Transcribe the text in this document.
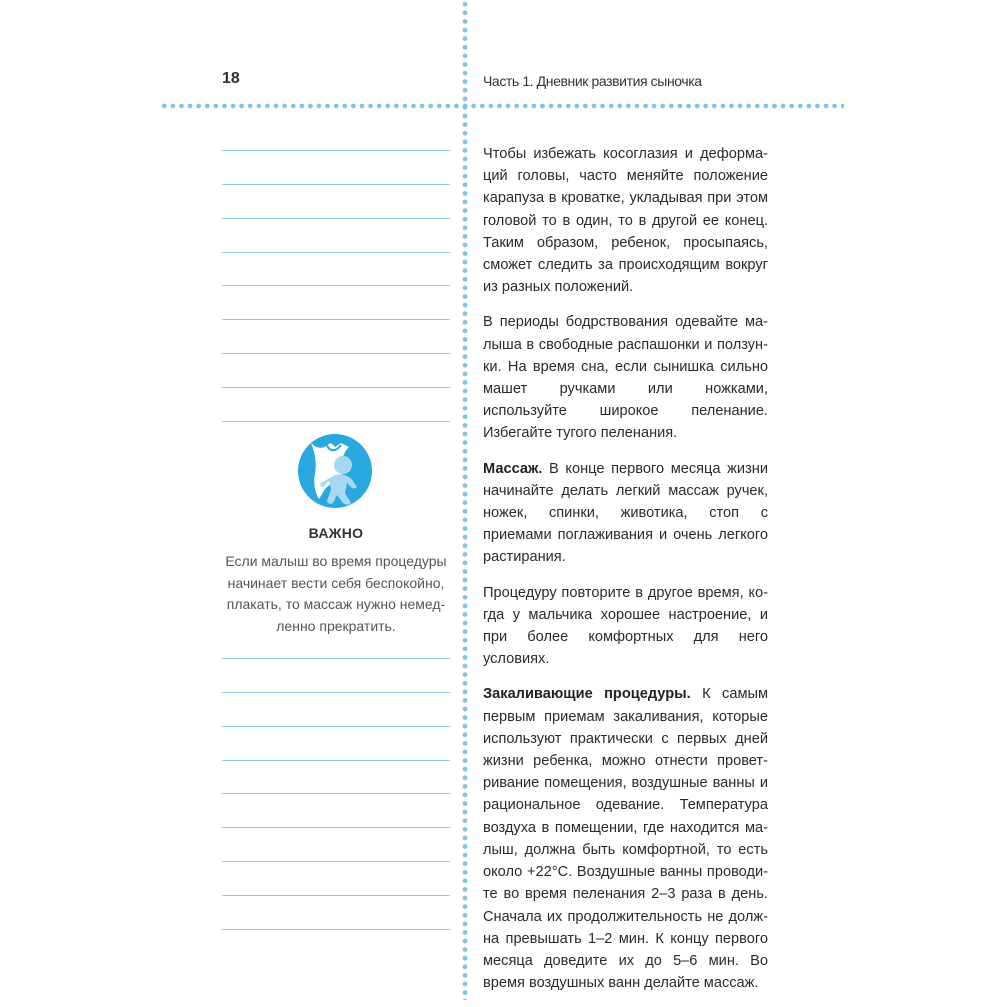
18	Часть 1. Дневник развития сыночка
ВАЖНО

Если малыш во время процедуры начинает вести себя беспокойно, плакать, то массаж нужно немедленно прекратить.

Чтобы избежать косоглазия и деформаций головы, часто меняйте положение карапуза в кроватке, укладывая при этом головой то в один, то в другой ее конец. Таким образом, ребенок, просыпаясь, сможет следить за происходящим вокруг из разных положений.

В периоды бодрствования одевайте малыша в свободные распашонки и ползунки. На время сна, если сынишка сильно машет ручками или ножками, используйте широкое пеленание. Избегайте тугого пеленания.

Массаж. В конце первого месяца жизни начинайте делать легкий массаж ручек, ножек, спинки, животика, стоп с приемами поглаживания и очень легкого растирания.

Процедуру повторите в другое время, когда у мальчика хорошее настроение, и при более комфортных для него условиях.

Закаливающие процедуры. К самым первым приемам закаливания, которые используют практически с первых дней жизни ребенка, можно отнести проветривание помещения, воздушные ванны и рациональное одевание. Температура воздуха в помещении, где находится малыш, должна быть комфортной, то есть около +22°С. Воздушные ванны проводите во время пеленания 2–3 раза в день. Сначала их продолжительность не должна превышать 1–2 мин. К концу первого месяца доведите их до 5–6 мин. Во время воздушных ванн делайте массаж.
